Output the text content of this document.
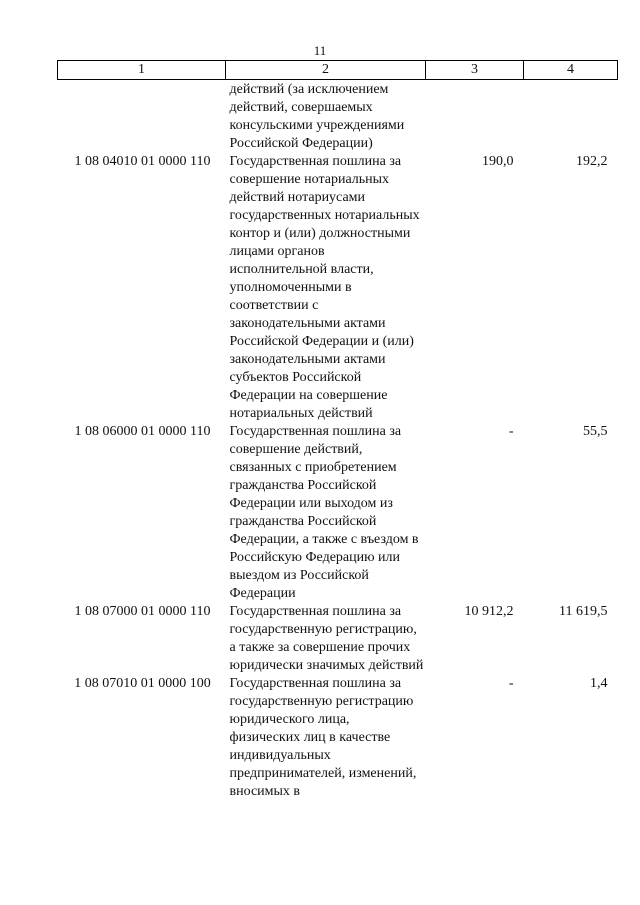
11
1	2	3	4
	действий (за исключением действий, совершаемых консульскими учреждениями Российской Федерации)		
1 08 04010 01 0000 110	Государственная пошлина за совершение нотариальных действий нотариусами государственных нотариальных контор и (или) должностными лицами органов исполнительной власти, уполномоченными в соответствии с законодательными актами Российской Федерации и (или) законодательными актами субъектов Российской Федерации на совершение нотариальных действий	190,0	192,2
1 08 06000 01 0000 110	Государственная пошлина за совершение действий, связанных с приобретением гражданства Российской Федерации или выходом из гражданства Российской Федерации, а также с въездом в Российскую Федерацию или выездом из Российской Федерации	-	55,5
1 08 07000 01 0000 110	Государственная пошлина за государственную регистрацию, а также за совершение прочих юридически значимых действий	10 912,2	11 619,5
1 08 07010 01 0000 100	Государственная пошлина за государственную регистрацию юридического лица, физических лиц в качестве индивидуальных предпринимателей, изменений, вносимых в	-	1,4
